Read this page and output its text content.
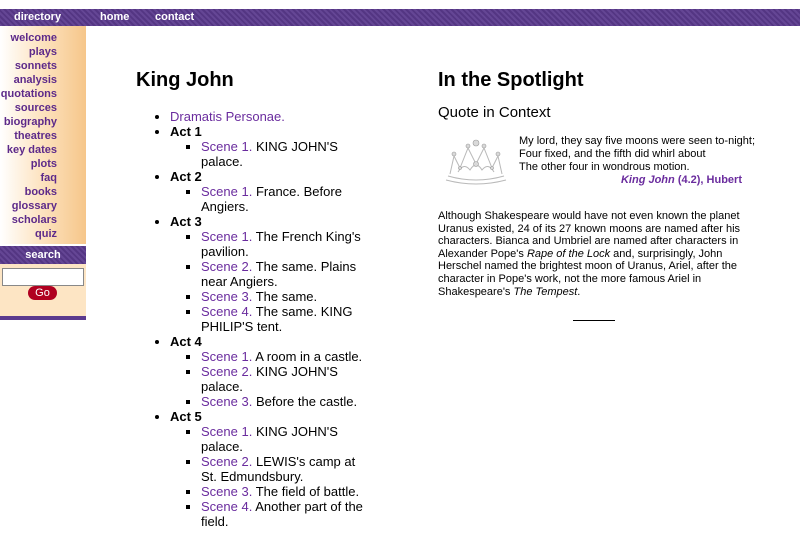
directory	home contact
welcome
plays
sonnets
analysis
quotations
sources
biography
theatres
key dates
plots
faq
books
glossary
scholars
quiz
search
Go
King John
• Dramatis Personae.
• Act 1
▪ Scene 1. KING JOHN'S palace.
• Act 2
▪ Scene 1. France. Before Angiers.
• Act 3
▪ Scene 1. The French King's pavilion.
▪ Scene 2. The same. Plains near Angiers.
▪ Scene 3. The same.
▪ Scene 4. The same. KING PHILIP'S tent.
• Act 4
▪ Scene 1. A room in a castle.
▪ Scene 2. KING JOHN'S palace.
▪ Scene 3. Before the castle.
• Act 5
▪ Scene 1. KING JOHN'S palace.
▪ Scene 2. LEWIS's camp at St. Edmundsbury.
▪ Scene 3. The field of battle.
▪ Scene 4. Another part of the field.
In the Spotlight
Quote in Context
My lord, they say five moons were seen to-night;
Four fixed, and the fifth did whirl about
The other four in wondrous motion.
King John (4.2), Hubert
Although Shakespeare would have not even known the planet Uranus existed, 24 of its 27 known moons are named after his characters. Bianca and Umbriel are named after characters in Alexander Pope's Rape of the Lock and, surprisingly, John Herschel named the brightest moon of Uranus, Ariel, after the character in Pope's work, not the more famous Ariel in Shakespeare's The Tempest.
